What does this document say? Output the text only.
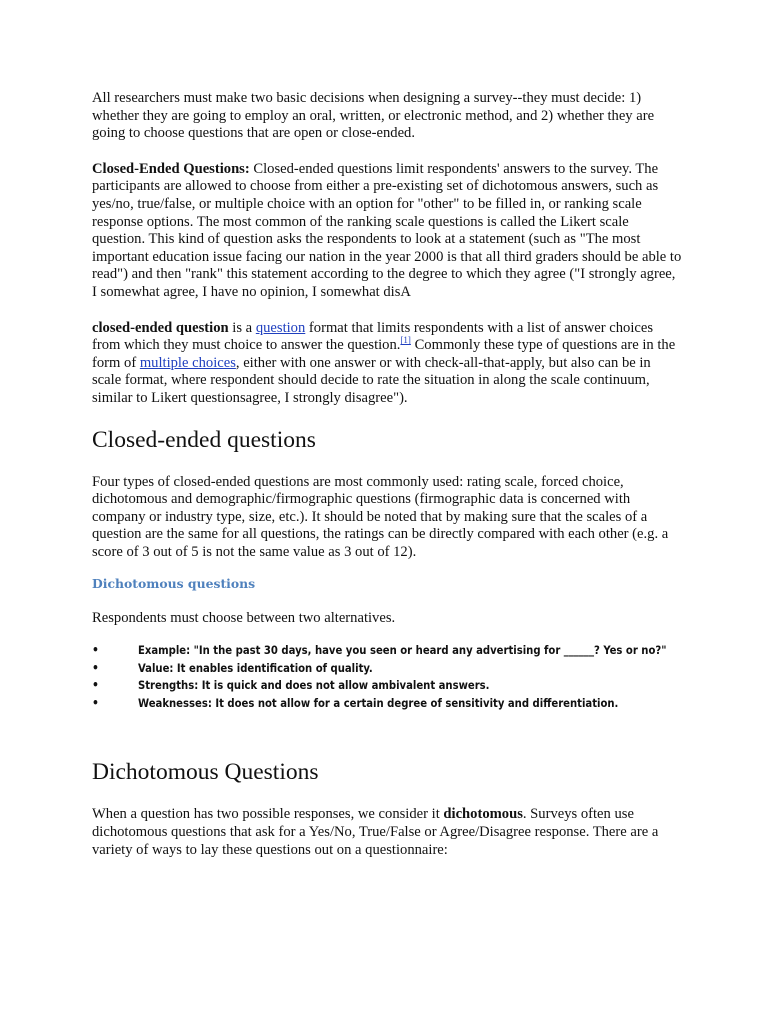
All researchers must make two basic decisions when designing a survey--they must decide: 1) whether they are going to employ an oral, written, or electronic method, and 2) whether they are going to choose questions that are open or close-ended.

Closed-Ended Questions: Closed-ended questions limit respondents' answers to the survey. The participants are allowed to choose from either a pre-existing set of dichotomous answers, such as yes/no, true/false, or multiple choice with an option for "other" to be filled in, or ranking scale response options. The most common of the ranking scale questions is called the Likert scale question. This kind of question asks the respondents to look at a statement (such as "The most important education issue facing our nation in the year 2000 is that all third graders should be able to read") and then "rank" this statement according to the degree to which they agree ("I strongly agree, I somewhat agree, I have no opinion, I somewhat disA

closed-ended question is a question format that limits respondents with a list of answer choices from which they must choice to answer the question.[1] Commonly these type of questions are in the form of multiple choices, either with one answer or with check-all-that-apply, but also can be in scale format, where respondent should decide to rate the situation in along the scale continuum, similar to Likert questionsagree, I strongly disagree").

Closed-ended questions

Four types of closed-ended questions are most commonly used: rating scale, forced choice, dichotomous and demographic/firmographic questions (firmographic data is concerned with company or industry type, size, etc.). It should be noted that by making sure that the scales of a question are the same for all questions, the ratings can be directly compared with each other (e.g. a score of 3 out of 5 is not the same value as 3 out of 12).

Dichotomous questions

Respondents must choose between two alternatives.

•	Example: "In the past 30 days, have you seen or heard any advertising for ______? Yes or no?"
•	Value: It enables identification of quality.
•	Strengths: It is quick and does not allow ambivalent answers.
•	Weaknesses: It does not allow for a certain degree of sensitivity and differentiation.
Dichotomous Questions

When a question has two possible responses, we consider it dichotomous. Surveys often use dichotomous questions that ask for a Yes/No, True/False or Agree/Disagree response. There are a variety of ways to lay these questions out on a questionnaire:
